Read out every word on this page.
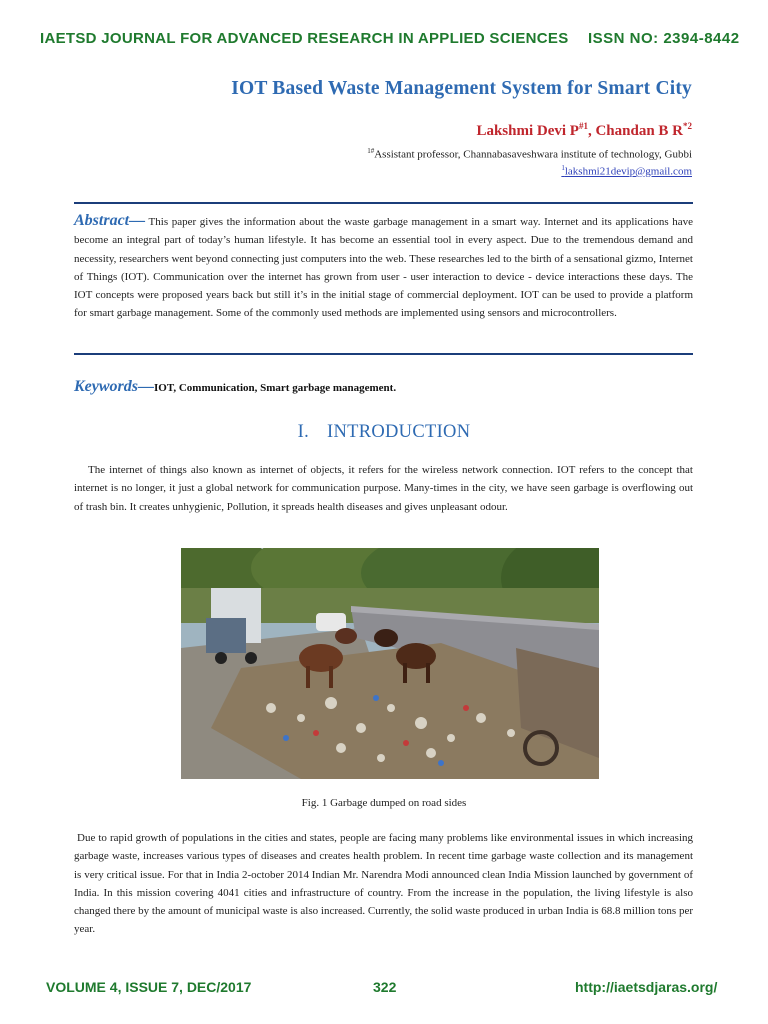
IAETSD JOURNAL FOR ADVANCED RESEARCH IN APPLIED SCIENCES ISSN NO: 2394-8442
IOT Based Waste Management System for Smart City
Lakshmi Devi $P^{\#1}$, Chandan B $R^{*2}$
$^{1\#}$Assistant professor, Channabasaveshwara institute of technology, Gubbi
$^1$lakshmi21devip@gmail.com
Abstract— This paper gives the information about the waste garbage management in a smart way. Internet and its applications have become an integral part of today’s human lifestyle. It has become an essential tool in every aspect. Due to the tremendous demand and necessity, researchers went beyond connecting just computers into the web. These researches led to the birth of a sensational gizmo, Internet of Things (IOT). Communication over the internet has grown from user - user interaction to device - device interactions these days. The IOT concepts were proposed years back but still it’s in the initial stage of commercial deployment. IOT can be used to provide a platform for smart garbage management. Some of the commonly used methods are implemented using sensors and microcontrollers.
Keywords—IOT, Communication, Smart garbage management.
I. INTRODUCTION
The internet of things also known as internet of objects, it refers for the wireless network connection. IOT refers to the concept that internet is no longer, it just a global network for communication purpose. Many-times in the city, we have seen garbage is overflowing out of trash bin. It creates unhygienic, Pollution, it spreads health diseases and gives unpleasant odour.
Fig. 1 Garbage dumped on road sides
Due to rapid growth of populations in the cities and states, people are facing many problems like environmental issues in which increasing garbage waste, increases various types of diseases and creates health problem. In recent time garbage waste collection and its management is very critical issue. For that in India 2-october 2014 Indian Mr. Narendra Modi announced clean India Mission launched by government of India. In this mission covering 4041 cities and infrastructure of country. From the increase in the population, the living lifestyle is also changed there by the amount of municipal waste is also increased. Currently, the solid waste produced in urban India is 68.8 million tons per year.
VOLUME 4, ISSUE 7, DEC/2017	322	http://iaetsdjaras.org/
